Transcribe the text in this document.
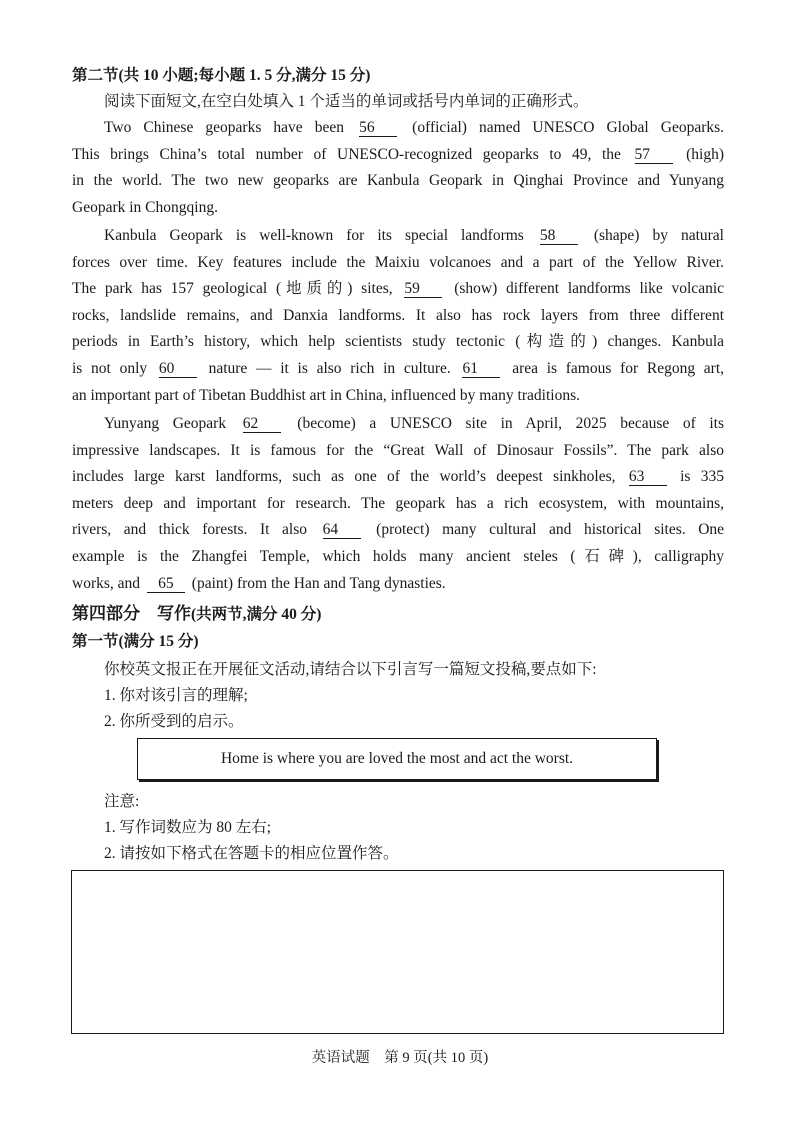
第二节(共 10 小题;每小题 1. 5 分,满分 15 分)
阅读下面短文,在空白处填入 1 个适当的单词或括号内单词的正确形式。
Two Chinese geoparks have been 56 (official) named UNESCO Global Geoparks.
This brings China’s total number of UNESCO-recognized geoparks to 49, the 57 (high)
in the world. The two new geoparks are Kanbula Geopark in Qinghai Province and Yunyang
Geopark in Chongqing.
Kanbula Geopark is well-known for its special landforms 58 (shape) by natural
forces over time. Key features include the Maixiu volcanoes and a part of the Yellow River.
The park has 157 geological (地质的) sites, 59 (show) different landforms like volcanic
rocks, landslide remains, and Danxia landforms. It also has rock layers from three different
periods in Earth’s history, which help scientists study tectonic (构造的) changes. Kanbula
is not only 60 nature — it is also rich in culture. 61 area is famous for Regong art,
an important part of Tibetan Buddhist art in China, influenced by many traditions.
Yunyang Geopark 62	(become) a UNESCO site in April, 2025 because of its
impressive landscapes. It is famous for the “Great Wall of Dinosaur Fossils”. The park also
includes large karst landforms, such as one of the world’s deepest sinkholes, 63 is 335
meters deep and important for research. The geopark has a rich ecosystem, with mountains,
rivers, and thick forests. It also 64 (protect) many cultural and historical sites. One
example is the Zhangfei Temple, which holds many ancient steles (石碑), calligraphy
works, and 65 (paint) from the Han and Tang dynasties.
第四部分　写作(共两节,满分 40 分)
第一节(满分 15 分)
你校英文报正在开展征文活动,请结合以下引言写一篇短文投稿,要点如下:
1. 你对该引言的理解;
2. 你所受到的启示。
Home is where you are loved the most and act the worst.
注意:
1. 写作词数应为 80 左右;
2. 请按如下格式在答题卡的相应位置作答。
英语试题　第 9 页(共 10 页)
